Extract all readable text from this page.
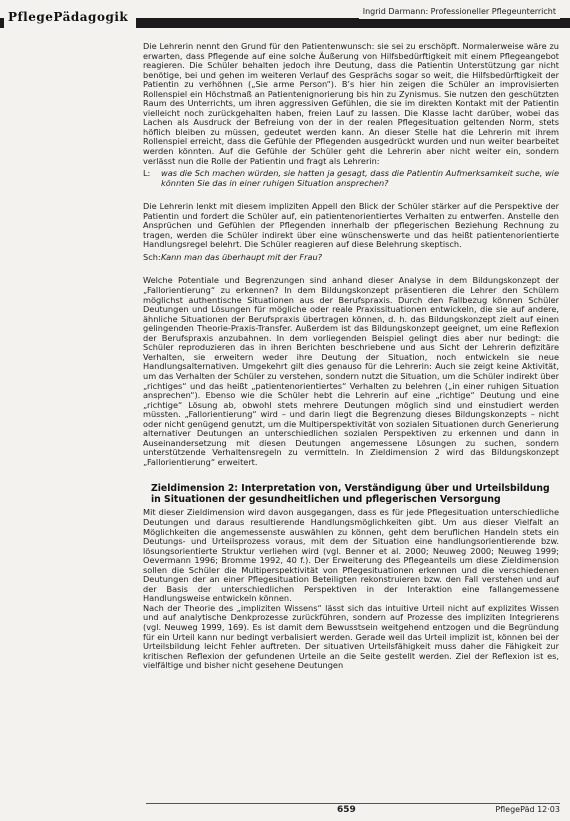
PflegePädagogik	Ingrid Darmann: Professioneller Pflegeunterricht

Die Lehrerin nennt den Grund für den Patientenwunsch: sie sei zu erschöpft. Normalerweise wäre zu erwarten, dass Pflegende auf eine solche Äußerung von Hilfsbedürftigkeit mit einem Pflegeangebot reagieren. Die Schüler behalten jedoch ihre Deutung, dass die Patientin Unterstützung gar nicht benötige, bei und gehen im weiteren Verlauf des Gesprächs sogar so weit, die Hilfsbedürftigkeit der Patientin zu verhöhnen („Sie arme Person“). B’s hier hin zeigen die Schüler an improvisierten Rollenspiel ein Höchstmaß an Patientenignorierung bis hin zu Zynismus. Sie nutzen den geschützten Raum des Unterrichts, um ihren aggressiven Gefühlen, die sie im direkten Kontakt mit der Patientin vielleicht noch zurückgehalten haben, freien Lauf zu lassen. Die Klasse lacht darüber, wobei das Lachen als Ausdruck der Befreiung von der in der realen Pflegesituation geltenden Norm, stets höflich bleiben zu müssen, gedeutet werden kann. An dieser Stelle hat die Lehrerin mit ihrem Rollenspiel erreicht, dass die Gefühle der Pflegenden ausgedrückt wurden und nun weiter bearbeitet werden könnten. Auf die Gefühle der Schüler geht die Lehrerin aber nicht weiter ein, sondern verlässt nun die Rolle der Patientin und fragt als Lehrerin:

L:	was die Sch machen würden, sie hatten ja gesagt, dass die Patientin Aufmerksamkeit suche, wie könnten Sie das in einer ruhigen Situation ansprechen?

Die Lehrerin lenkt mit diesem impliziten Appell den Blick der Schüler stärker auf die Perspektive der Patientin und fordert die Schüler auf, ein patientenorientiertes Verhalten zu entwerfen. Anstelle den Ansprüchen und Gefühlen der Pflegenden innerhalb der pflegerischen Beziehung Rechnung zu tragen, werden die Schüler indirekt über eine wünschenswerte und das heißt patientenorientierte Handlungsregel belehrt. Die Schüler reagieren auf diese Belehrung skeptisch.

Sch: Kann man das überhaupt mit der Frau?

Welche Potentiale und Begrenzungen sind anhand dieser Analyse in dem Bildungskonzept der „Fallorientierung“ zu erkennen? In dem Bildungskonzept präsentieren die Lehrer den Schülern möglichst authentische Situationen aus der Berufspraxis. Durch den Fallbezug können Schüler Deutungen und Lösungen für mögliche oder reale Praxissituationen entwickeln, die sie auf andere, ähnliche Situationen der Berufspraxis übertragen können, d. h. das Bildungskonzept zielt auf einen gelingenden Theorie-Praxis-Transfer. Außerdem ist das Bildungskonzept geeignet, um eine Reflexion der Berufspraxis anzubahnen. In dem vorliegenden Beispiel gelingt dies aber nur bedingt: die Schüler reproduzieren das in ihren Berichten beschriebene und aus Sicht der Lehrerin defizitäre Verhalten, sie erweitern weder ihre Deutung der Situation, noch entwickeln sie neue Handlungsalternativen. Umgekehrt gilt dies genauso für die Lehrerin: Auch sie zeigt keine Aktivität, um das Verhalten der Schüler zu verstehen, sondern nutzt die Situation, um die Schüler indirekt über „richtiges“ und das heißt „patientenorientiertes“ Verhalten zu belehren („in einer ruhigen Situation ansprechen“). Ebenso wie die Schüler hebt die Lehrerin auf eine „richtige“ Deutung und eine „richtige“ Lösung ab, obwohl stets mehrere Deutungen möglich sind und einstudiert werden müssten. „Fallorientierung“ wird – und darin liegt die Begrenzung dieses Bildungskonzepts – nicht oder nicht genügend genutzt, um die Multiperspektivität von sozialen Situationen durch Generierung alternativer Deutungen an unterschiedlichen sozialen Perspektiven zu erkennen und dann in Auseinandersetzung mit diesen Deutungen angemessene Lösungen zu suchen, sondern unterstützende Verhaltensregeln zu vermitteln. In Zieldimension 2 wird das Bildungskonzept „Fallorientierung“ erweitert.

Zieldimension 2: Interpretation von, Verständigung über und Urteilsbildung in Situationen der gesundheitlichen und pflegerischen Versorgung

Mit dieser Zieldimension wird davon ausgegangen, dass es für jede Pflegesituation unterschiedliche Deutungen und daraus resultierende Handlungsmöglichkeiten gibt. Um aus dieser Vielfalt an Möglichkeiten die angemessenste auswählen zu können, geht dem beruflichen Handeln stets ein Deutungs- und Urteilsprozess voraus, mit dem der Situation eine handlungsorientierende bzw. lösungsorientierte Struktur verliehen wird (vgl. Benner et al. 2000; Neuweg 2000; Neuweg 1999; Oevermann 1996; Bromme 1992, 40 f.). Der Erweiterung des Pflegeanteils um diese Zieldimension sollen die Schüler die Multiperspektivität von Pflegesituationen erkennen und die verschiedenen Deutungen der an einer Pflegesituation Beteiligten rekonstruieren bzw. den Fall verstehen und auf der Basis der unterschiedlichen Perspektiven in der Interaktion eine fallangemessene Handlungsweise entwickeln können.

Nach der Theorie des „impliziten Wissens“ lässt sich das intuitive Urteil nicht auf explizites Wissen und auf analytische Denkprozesse zurückführen, sondern auf Prozesse des impliziten Integrierens (vgl. Neuweg 1999, 169). Es ist damit dem Bewusstsein weitgehend entzogen und die Begründung für ein Urteil kann nur bedingt verbalisiert werden. Gerade weil das Urteil implizit ist, können bei der Urteilsbildung leicht Fehler auftreten. Der situativen Urteilsfähigkeit muss daher die Fähigkeit zur kritischen Reflexion der gefundenen Urteile an die Seite gestellt werden. Ziel der Reflexion ist es, vielfältige und bisher nicht gesehene Deutungen

659	PflegePäd 12·03
